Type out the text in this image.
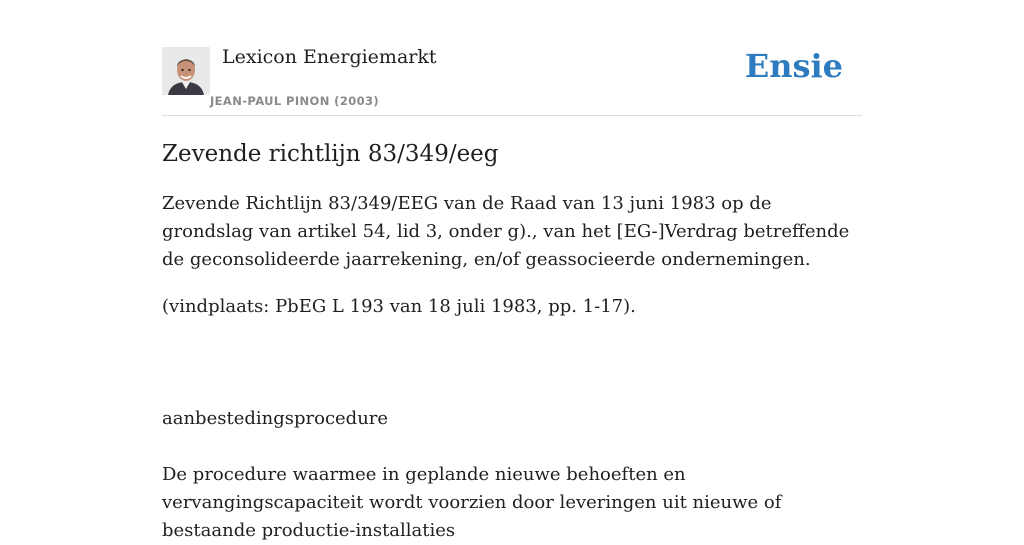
Lexicon Energiemarkt
JEAN-PAUL PINON (2003)
Ensie
Zevende richtlijn 83/349/eeg

Zevende Richtlijn 83/349/EEG van de Raad van 13 juni 1983 op de grondslag van artikel 54, lid 3, onder g)., van het [EG-]Verdrag betreffende de geconsolideerde jaarrekening, en/of geassocieerde ondernemingen.

(vindplaats: PbEG L 193 van 18 juli 1983, pp. 1-17).

aanbestedingsprocedure

De procedure waarmee in geplande nieuwe behoeften en vervangingscapaciteit wordt voorzien door leveringen uit nieuwe of bestaande productie-installaties
